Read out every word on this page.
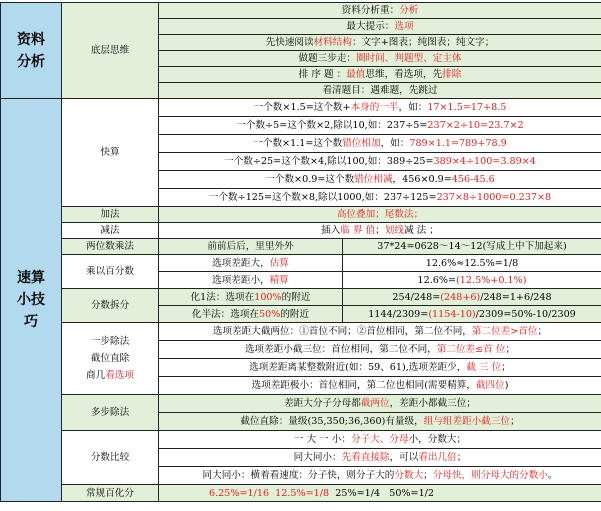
资料分析	底层思维	资料分析重：分析	
		最大提示：选项	
		先快速阅读材料结构：文字+图表；纯图表；纯文字；	
		做题三步走：圈时间、判题型、定主体	
		排 序 题 ：最值思维，看选项，先排除	
		看清题目：遇难题，先跳过	
速算小技巧	快算	一个数×1.5=这个数+本身的一半，如：17×1.5=17+8.5	
		一个数÷5=这个数×2,除以10,如：237÷5=237×2÷10=23.7×2	
		一个数×1.1=这个数错位相加，如：789×1.1=789+78.9	
		一个数÷25=这个数×4,除以100,如：389÷25=389×4÷100=3.89×4	
		一个数×0.9=这个数错位相减，456×0.9=456-45.6	
		一个数÷125=这个数×8,除以1000,如：237÷125=237×8÷1000=0.237×8	
	加法	高位叠加；尾数法；	
	减法	插入临 界 值；划线减 法 ；	
	两位数乘法	前前后后，里里外外	37*24=0628～14～12(写成上中下加起来)
	乘以百分数	选项差距大，估算	12.6%≈12.5%=1/8
		选项差距小，精算	12.6%=(12.5%+0.1%)
	分数拆分	化1法：选项在100%的附近	254/248=(248+6)/248=1+6/248
		化半法：选项在50%的附近	1144/2309=(1154-10)/2309=50%-10/2309
	一步除法
截位直除
商几看选项	选项差距大截两位：①首位不同；②首位相同，第二位不同，第二位差>首位；	
		选项差距小截三位：首位相同，第二位不同，第二位差≤首 位；	
		选项差距离某整数附近(如：59、61),选项差距少，截 三 位；	
		选项差距极小：首位相同，第二位也相同(需要精算，截四位)	
	多步除法	差距大分子分母都截两位，差距小都截三位；	
		截位直除：量级(35,350;36,360)有量级，组与组差距小截三位；	
	分数比较	一 大 一 小：分子大、分母小，分数大；	
		同大同小：先看直接除，可以看出几倍；	
		同大同小：横着看速度：分子快，则分子大的分数大；分母快，则分母大的分数小。	
	常规百化分	6.25%=1/16 12.5%=1/8 25%=1/4 50%=1/2	
